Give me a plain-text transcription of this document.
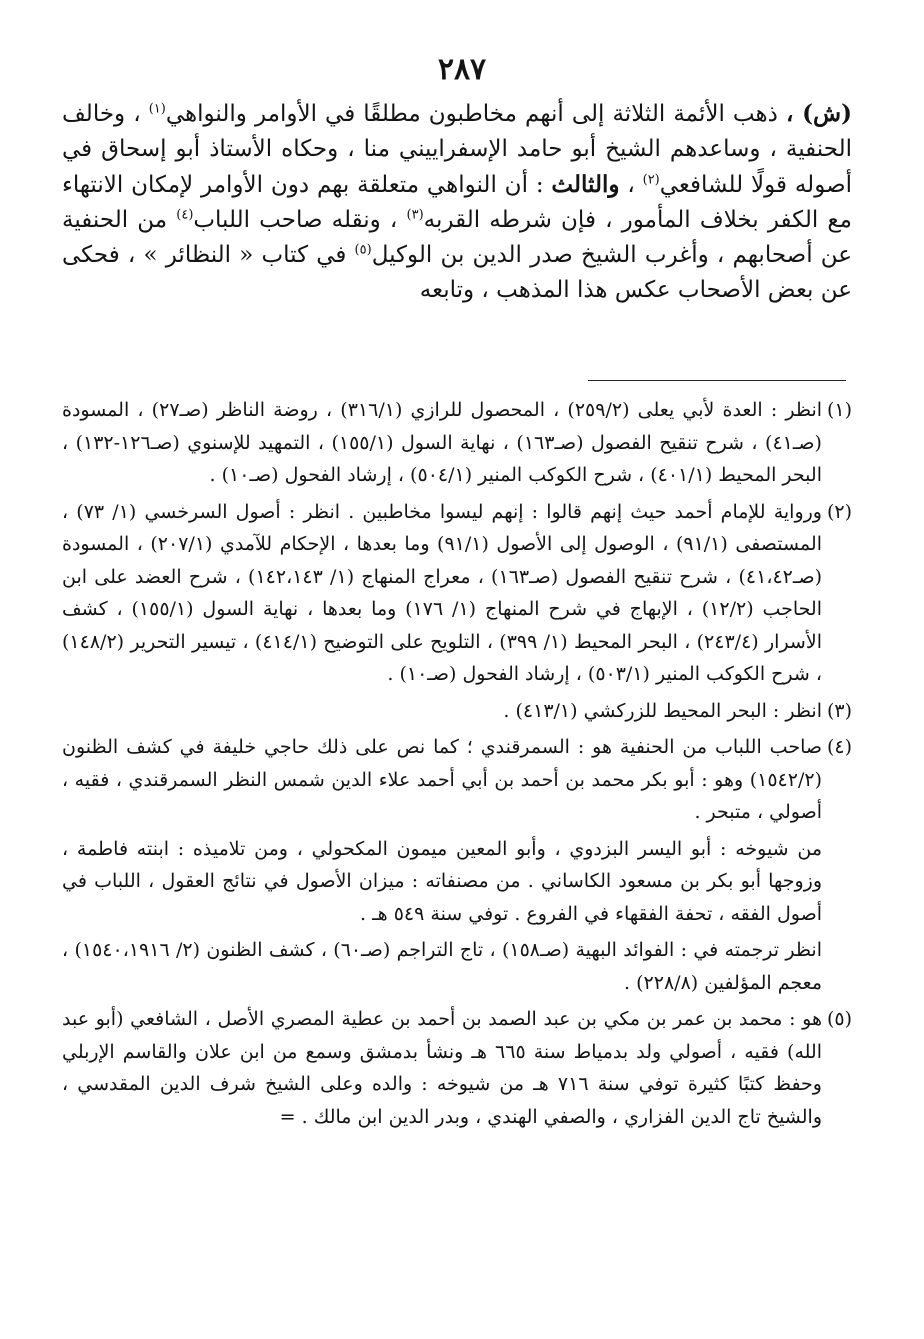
٢٨٧

(ش) ، ذهب الأئمة الثلاثة إلى أنهم مخاطبون مطلقًا في الأوامر والنواهي$^{(١)}$ ، وخالف الحنفية ، وساعدهم الشيخ أبو حامد الإسفراييني منا ، وحكاه الأستاذ أبو إسحاق في أصوله قولًا للشافعي$^{(٢)}$ ، والثالث : أن النواهي متعلقة بهم دون الأوامر لإمكان الانتهاء مع الكفر بخلاف المأمور ، فإن شرطه القربه$^{(٣)}$ ، ونقله صاحب اللباب$^{(٤)}$ من الحنفية عن أصحابهم ، وأغرب الشيخ صدر الدين بن الوكيل$^{(٥)}$ في كتاب « النظائر » ، فحكى عن بعض الأصحاب عكس هذا المذهب ، وتابعه

(١)
انظر : العدة لأبي يعلى (٢٥٩/٢) ، المحصول للرازي (٣١٦/١) ، روضة الناظر (صـ٢٧) ، المسودة (صـ٤١) ، شرح تنقيح الفصول (صـ١٦٣) ، نهاية السول (١٥٥/١) ، التمهيد للإسنوي (صـ١٢٦-١٣٢) ، البحر المحيط (٤٠١/١) ، شرح الكوكب المنير (٥٠٤/١) ، إرشاد الفحول (صـ١٠) .
(٢)
ورواية للإمام أحمد حيث إنهم قالوا : إنهم ليسوا مخاطبين . انظر : أصول السرخسي (١/ ٧٣) ، المستصفى (٩١/١) ، الوصول إلى الأصول (٩١/١) وما بعدها ، الإحكام للآمدي (٢٠٧/١) ، المسودة (صـ٤١،٤٢) ، شرح تنقيح الفصول (صـ١٦٣) ، معراج المنهاج (١/ ١٤٢،١٤٣) ، شرح العضد على ابن الحاجب (١٢/٢) ، الإبهاج في شرح المنهاج (١/ ١٧٦) وما بعدها ، نهاية السول (١٥٥/١) ، كشف الأسرار (٢٤٣/٤) ، البحر المحيط (١/ ٣٩٩) ، التلويح على التوضيح (٤١٤/١) ، تيسير التحرير (١٤٨/٢) ، شرح الكوكب المنير (٥٠٣/١) ، إرشاد الفحول (صـ١٠) .
(٣)
انظر : البحر المحيط للزركشي (٤١٣/١) .
(٤)
صاحب اللباب من الحنفية هو : السمرقندي ؛ كما نص على ذلك حاجي خليفة في كشف الظنون (١٥٤٢/٢) وهو : أبو بكر محمد بن أحمد بن أبي أحمد علاء الدين شمس النظر السمرقندي ، فقيه ، أصولي ، متبحر .
من شيوخه : أبو اليسر البزدوي ، وأبو المعين ميمون المكحولي ، ومن تلاميذه : ابنته فاطمة ، وزوجها أبو بكر بن مسعود الكاساني . من مصنفاته : ميزان الأصول في نتائج العقول ، اللباب في أصول الفقه ، تحفة الفقهاء في الفروع . توفي سنة ٥٤٩ هـ .
انظر ترجمته في : الفوائد البهية (صـ١٥٨) ، تاج التراجم (صـ٦٠) ، كشف الظنون (٢/ ١٥٤٠،١٩١٦) ، معجم المؤلفين (٢٢٨/٨) .
(٥)
هو : محمد بن عمر بن مكي بن عبد الصمد بن أحمد بن عطية المصري الأصل ، الشافعي (أبو عبد الله) فقيه ، أصولي ولد بدمياط سنة ٦٦٥ هـ ونشأ بدمشق وسمع من ابن علان والقاسم الإربلي وحفظ كتبًا كثيرة توفي سنة ٧١٦ هـ من شيوخه : والده وعلى الشيخ شرف الدين المقدسي ، والشيخ تاج الدين الفزاري ، والصفي الهندي ، وبدر الدين ابن مالك . =
